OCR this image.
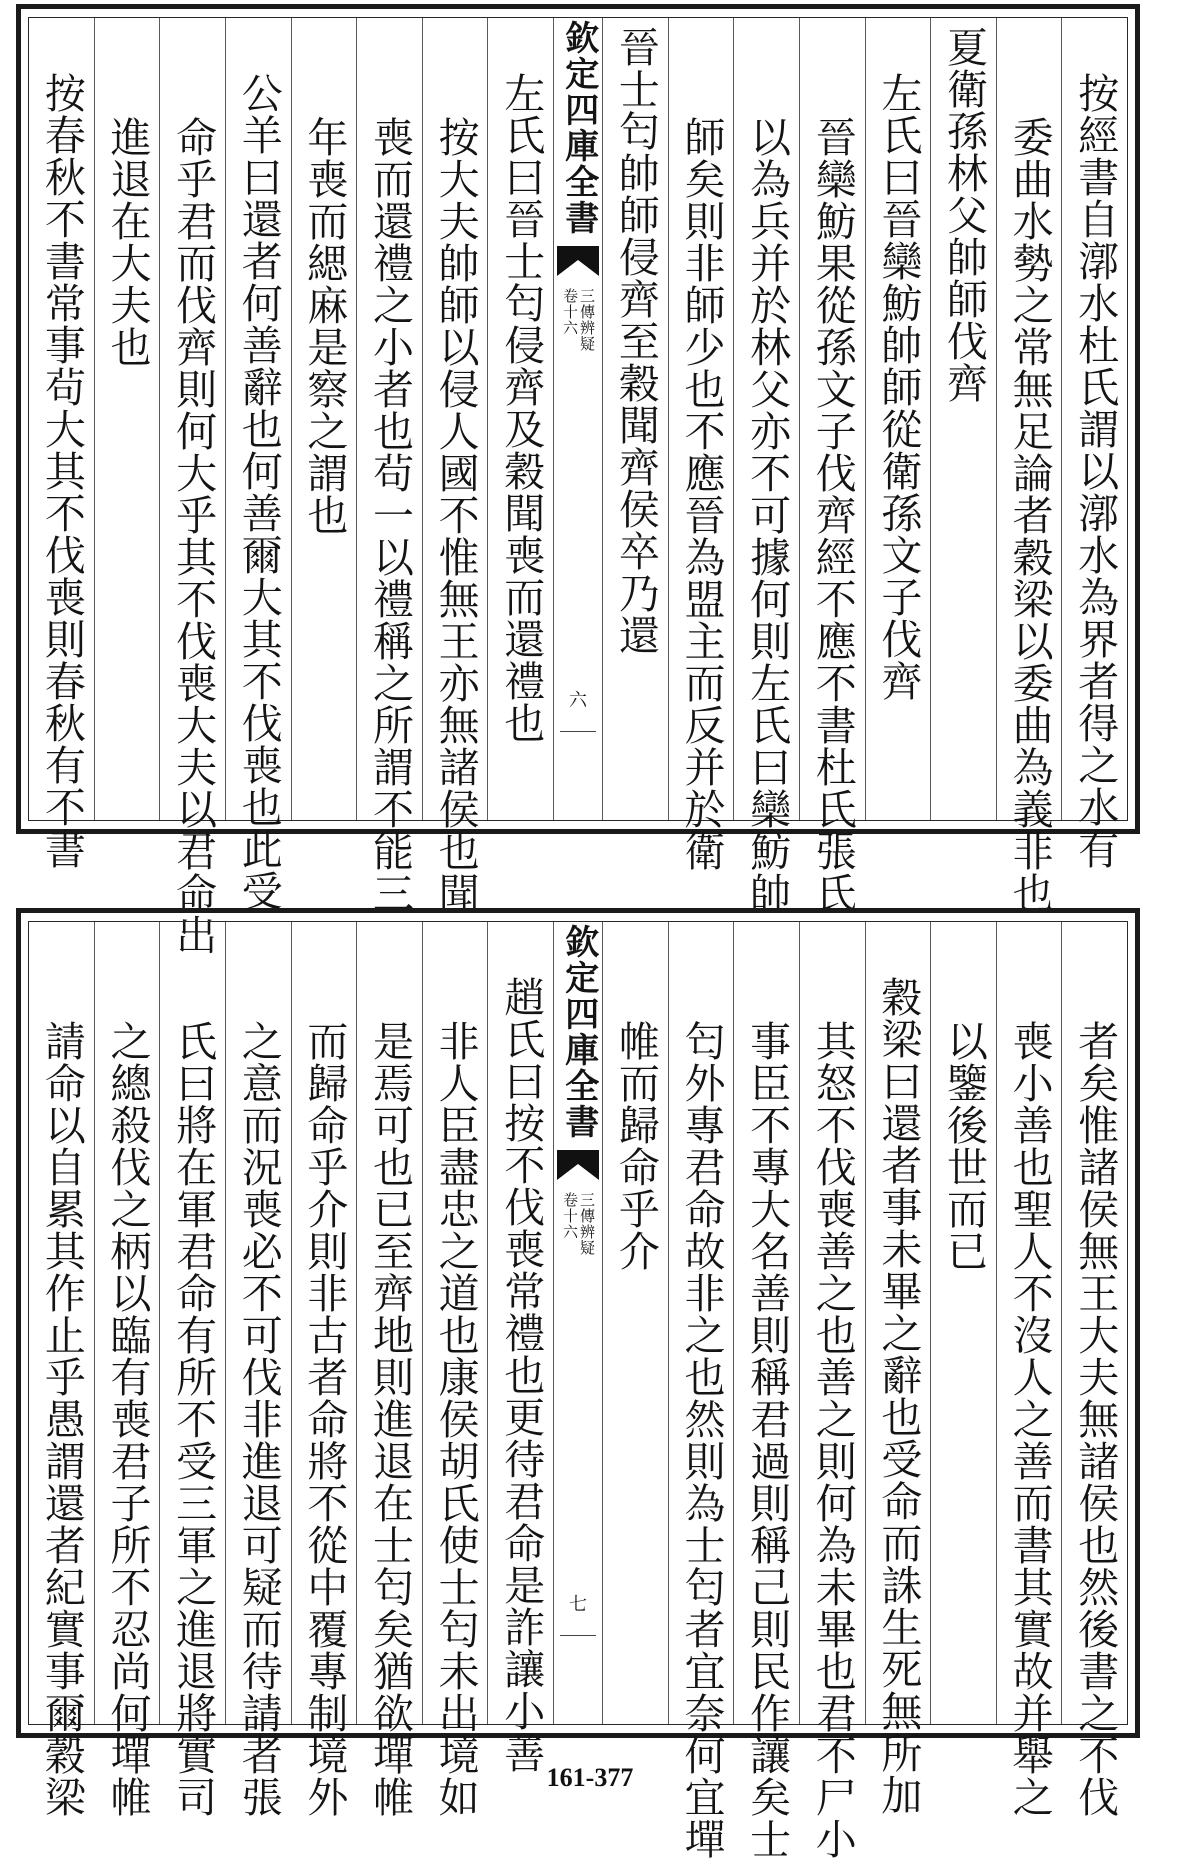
按經書自漷水杜氏謂以漷水為界者得之水有
委曲水勢之常無足論者穀梁以委曲為義非也
夏衛孫林父帥師伐齊
左氏曰晉欒魴帥師從衛孫文子伐齊
晉欒魴果從孫文子伐齊經不應不書杜氏張氏
以為兵并於林父亦不可據何則左氏曰欒魴帥
師矣則非師少也不應晉為盟主而反并於衛
晉士匄帥師侵齊至穀聞齊侯卒乃還
欽定四庫全書
三傳辨疑
卷十六
六
左氏曰晉士匄侵齊及穀聞喪而還禮也
按大夫帥師以侵人國不惟無王亦無諸侯也聞
喪而還禮之小者也茍一以禮稱之所謂不能三
年喪而緦麻是察之謂也
公羊曰還者何善辭也何善爾大其不伐喪也此受
命乎君而伐齊則何大乎其不伐喪大夫以君命出
進退在大夫也
按春秋不書常事茍大其不伐喪則春秋有不書
者矣惟諸侯無王大夫無諸侯也然後書之不伐
喪小善也聖人不沒人之善而書其實故并舉之
以鑒後世而已
穀梁曰還者事未畢之辭也受命而誅生死無所加
其怒不伐喪善之也善之則何為未畢也君不尸小
事臣不專大名善則稱君過則稱己則民作讓矣士
匄外專君命故非之也然則為士匄者宜奈何宜墠
帷而歸命乎介
欽定四庫全書
三傳辨疑
卷十六
七
趙氏曰按不伐喪常禮也更待君命是詐讓小善
非人臣盡忠之道也康侯胡氏使士匄未出境如
是焉可也已至齊地則進退在士匄矣猶欲墠帷
而歸命乎介則非古者命將不從中覆專制境外
之意而況喪必不可伐非進退可疑而待請者張
氏曰將在軍君命有所不受三軍之進退將實司
之總殺伐之柄以臨有喪君子所不忍尚何墠帷
請命以自累其作止乎愚謂還者紀實事爾穀梁	161-377
